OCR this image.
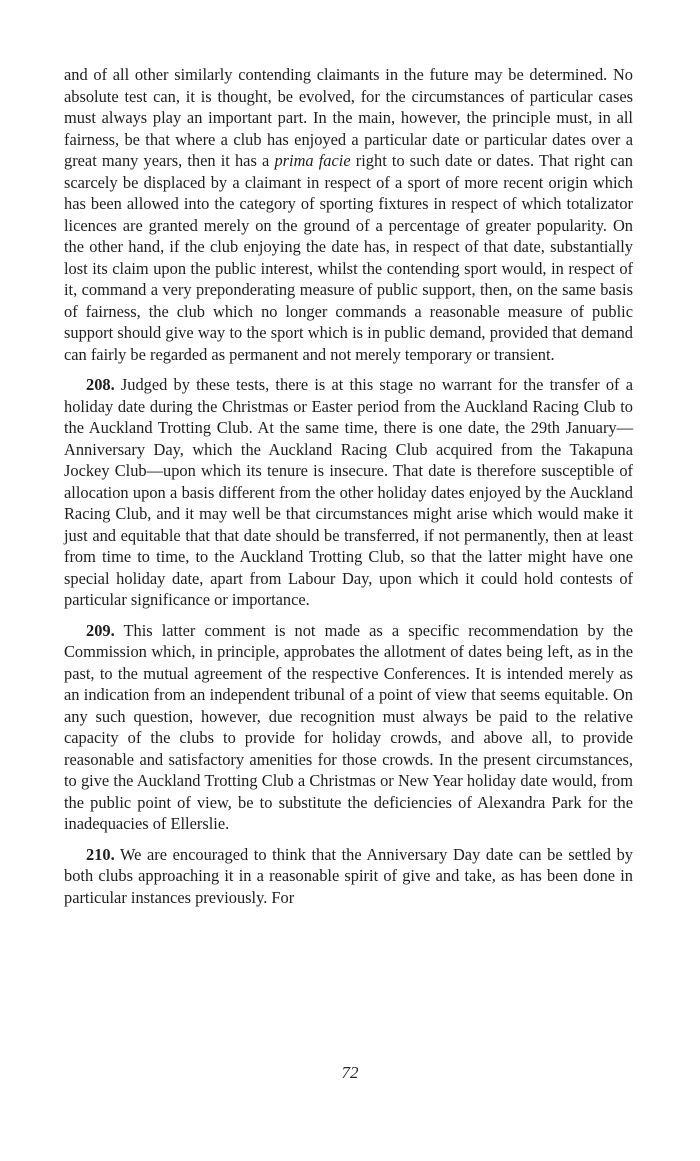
and of all other similarly contending claimants in the future may be determined. No absolute test can, it is thought, be evolved, for the circumstances of particular cases must always play an important part. In the main, however, the principle must, in all fairness, be that where a club has enjoyed a particular date or particular dates over a great many years, then it has a prima facie right to such date or dates. That right can scarcely be displaced by a claimant in respect of a sport of more recent origin which has been allowed into the category of sporting fixtures in respect of which totalizator licences are granted merely on the ground of a percentage of greater popularity. On the other hand, if the club enjoying the date has, in respect of that date, substantially lost its claim upon the public interest, whilst the contending sport would, in respect of it, command a very preponderating measure of public support, then, on the same basis of fairness, the club which no longer commands a reasonable measure of public support should give way to the sport which is in public demand, provided that demand can fairly be regarded as permanent and not merely temporary or transient.

208. Judged by these tests, there is at this stage no warrant for the transfer of a holiday date during the Christmas or Easter period from the Auckland Racing Club to the Auckland Trotting Club. At the same time, there is one date, the 29th January—Anniversary Day, which the Auckland Racing Club acquired from the Takapuna Jockey Club—upon which its tenure is insecure. That date is therefore susceptible of allocation upon a basis different from the other holiday dates enjoyed by the Auckland Racing Club, and it may well be that circumstances might arise which would make it just and equitable that that date should be transferred, if not permanently, then at least from time to time, to the Auckland Trotting Club, so that the latter might have one special holiday date, apart from Labour Day, upon which it could hold contests of particular significance or importance.

209. This latter comment is not made as a specific recommendation by the Commission which, in principle, approbates the allotment of dates being left, as in the past, to the mutual agreement of the respective Conferences. It is intended merely as an indication from an independent tribunal of a point of view that seems equitable. On any such question, however, due recognition must always be paid to the relative capacity of the clubs to provide for holiday crowds, and above all, to provide reasonable and satisfactory amenities for those crowds. In the present circumstances, to give the Auckland Trotting Club a Christmas or New Year holiday date would, from the public point of view, be to substitute the deficiencies of Alexandra Park for the inadequacies of Ellerslie.

210. We are encouraged to think that the Anniversary Day date can be settled by both clubs approaching it in a reasonable spirit of give and take, as has been done in particular instances previously. For

72
